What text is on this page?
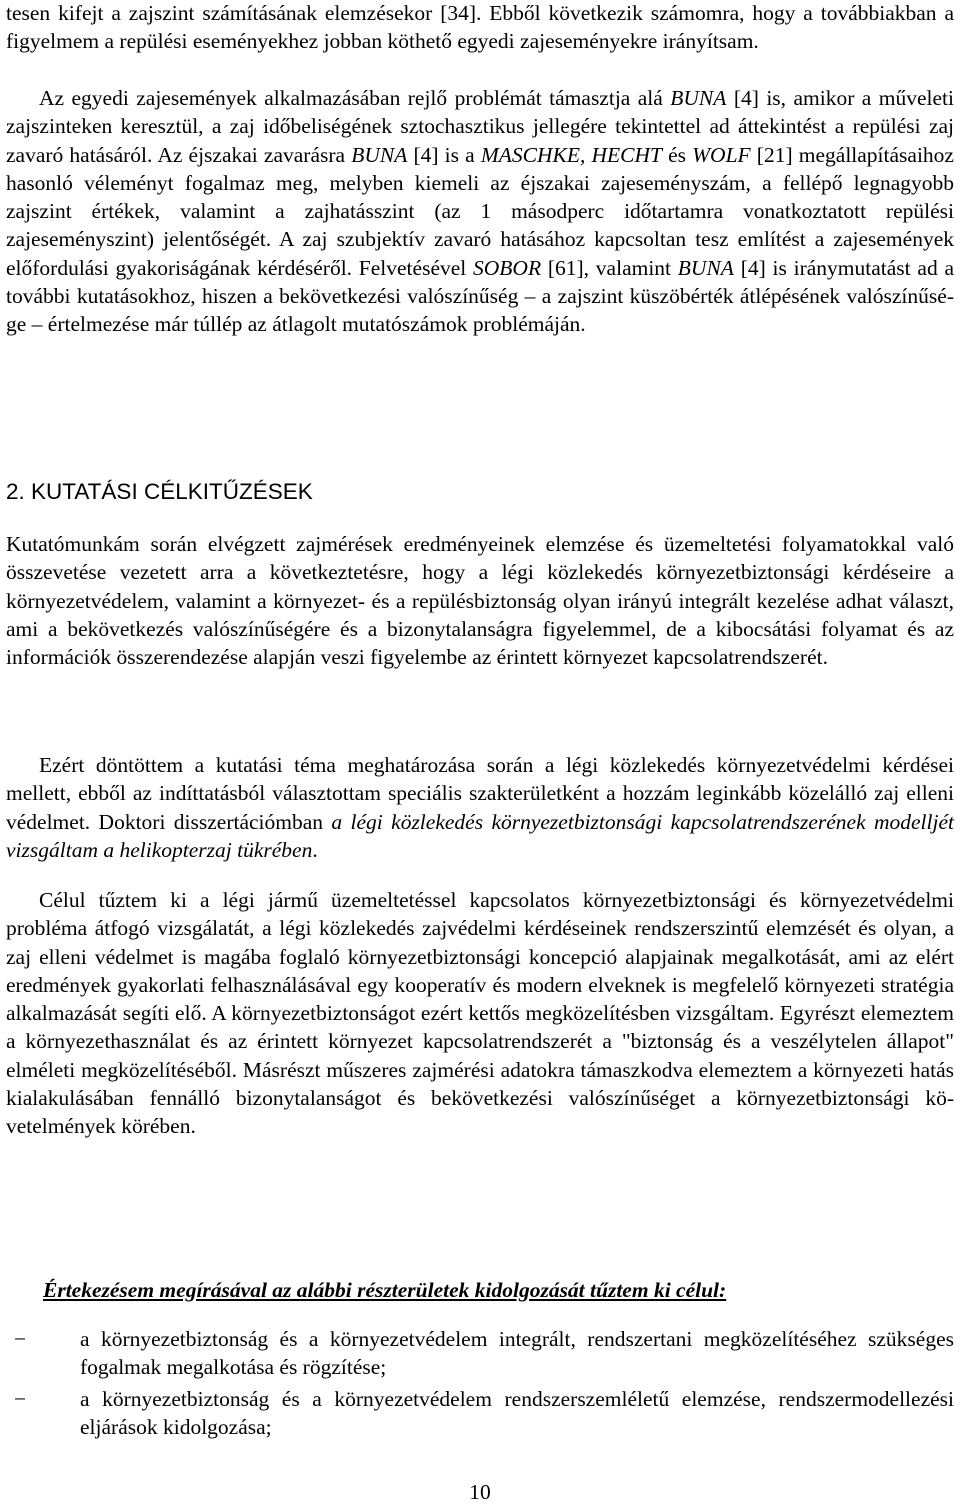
tesen kifejt a zajszint számításának elemzésekor [34]. Ebből következik számomra, hogy a továbbiakban a figyelmem a repülési eseményekhez jobban köthető egyedi zajeseményekre irányítsam.

Az egyedi zajesemények alkalmazásában rejlő problémát támasztja alá BUNA [4] is, amikor a műveleti zajszinteken keresztül, a zaj időbeliségének sztochasztikus jellegére tekintettel ad áttekintést a repülési zaj zavaró hatásáról. Az éjszakai zavarásra BUNA [4] is a MASCHKE, HECHT és WOLF [21] megállapításaihoz hasonló véleményt fogalmaz meg, melyben kiemeli az éjszakai zajeseményszám, a fellépő legnagyobb zajszint értékek, valamint a zajhatásszint (az 1 másodperc időtartamra vonatkoztatott repülési zajeseményszint) jelentőségét. A zaj szubjektív zavaró hatásához kapcsoltan tesz említést a zajesemények előfordulási gyakoriságának kérdéséről. Felvetésével SOBOR [61], valamint BUNA [4] is iránymutatást ad a további kutatásokhoz, hiszen a bekövetkezési valószínűség – a zajszint küszöbérték átlépésének valószínűsége – értelmezése már túllép az átlagolt mutatószámok problémáján.

2. KUTATÁSI CÉLKITŰZÉSEK

Kutatómunkám során elvégzett zajmérések eredményeinek elemzése és üzemeltetési folyamatokkal való összevetése vezetett arra a következtetésre, hogy a légi közlekedés környezetbiztonsági kérdéseire a környezetvédelem, valamint a környezet- és a repülésbiztonság olyan irányú integrált kezelése adhat választ, ami a bekövetkezés valószínűségére és a bizonytalanságra figyelemmel, de a kibocsátási folyamat és az információk összerendezése alapján veszi figyelembe az érintett környezet kapcsolatrendszerét.

Ezért döntöttem a kutatási téma meghatározása során a légi közlekedés környezetvédelmi kérdései mellett, ebből az indíttatásból választottam speciális szakterületként a hozzám leginkább közelálló zaj elleni védelmet. Doktori disszertációmban a légi közlekedés környezetbiztonsági kapcsolatrendszerének modelljét vizsgáltam a helikopterzaj tükrében.

Célul tűztem ki a légi jármű üzemeltetéssel kapcsolatos környezetbiztonsági és környezetvédelmi probléma átfogó vizsgálatát, a légi közlekedés zajvédelmi kérdéseinek rendszerszintű elemzését és olyan, a zaj elleni védelmet is magába foglaló környezetbiztonsági koncepció alapjainak megalkotását, ami az elért eredmények gyakorlati felhasználásával egy kooperatív és modern elveknek is megfelelő környezeti stratégia alkalmazását segíti elő. A környezetbiztonságot ezért kettős megközelítésben vizsgáltam. Egyrészt elemeztem a környezethasználat és az érintett környezet kapcsolatrendszerét a "biztonság és a veszélytelen állapot" elméleti megközelítéséből. Másrészt műszeres zajmérési adatokra támaszkodva elemeztem a környezeti hatás kialakulásában fennálló bizonytalanságot és bekövetkezési valószínűséget a környezetbiztonsági követelmények körében.

Értekezésem megírásával az alábbi részterületek kidolgozását tűztem ki célul:

−	a környezetbiztonság és a környezetvédelem integrált, rendszertani megközelítéséhez szükséges fogalmak megalkotása és rögzítése;
−	a környezetbiztonság és a környezetvédelem rendszerszemléletű elemzése, rendszermodellezési eljárások kidolgozása;
10
